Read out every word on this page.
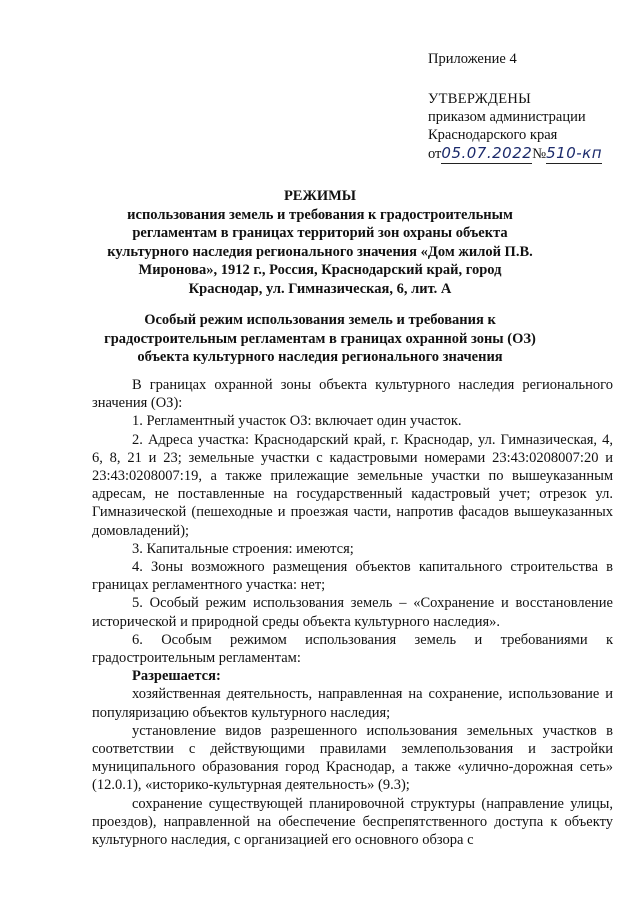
Приложение 4
УТВЕРЖДЕНЫ
приказом администрации
Краснодарского края
от05.07.2022№510-кп
РЕЖИМЫ
использования земель и требования к градостроительным регламентам в границах территорий зон охраны объекта культурного наследия регионального значения «Дом жилой П.В. Миронова», 1912 г., Россия, Краснодарский край, город Краснодар, ул. Гимназическая, 6, лит. А
Особый режим использования земель и требования к градостроительным регламентам в границах охранной зоны (ОЗ) объекта культурного наследия регионального значения

В границах охранной зоны объекта культурного наследия регионального значения (ОЗ):

1. Регламентный участок ОЗ: включает один участок.

2. Адреса участка: Краснодарский край, г. Краснодар, ул. Гимназическая, 4, 6, 8, 21 и 23; земельные участки с кадастровыми номерами 23:43:0208007:20 и 23:43:0208007:19, а также прилежащие земельные участки по вышеуказанным адресам, не поставленные на государственный кадастровый учет; отрезок ул. Гимназической (пешеходные и проезжая части, напротив фасадов вышеуказанных домовладений);

3. Капитальные строения: имеются;

4. Зоны возможного размещения объектов капитального строительства в границах регламентного участка: нет;

5. Особый режим использования земель – «Сохранение и восстановление исторической и природной среды объекта культурного наследия».

6. Особым режимом использования земель и требованиями к градостроительным регламентам:

Разрешается:

хозяйственная деятельность, направленная на сохранение, использование и популяризацию объектов культурного наследия;

установление видов разрешенного использования земельных участков в соответствии с действующими правилами землепользования и застройки муниципального образования город Краснодар, а также «улично-дорожная сеть» (12.0.1), «историко-культурная деятельность» (9.3);

сохранение существующей планировочной структуры (направление улицы, проездов), направленной на обеспечение беспрепятственного доступа к объекту культурного наследия, с организацией его основного обзора с
